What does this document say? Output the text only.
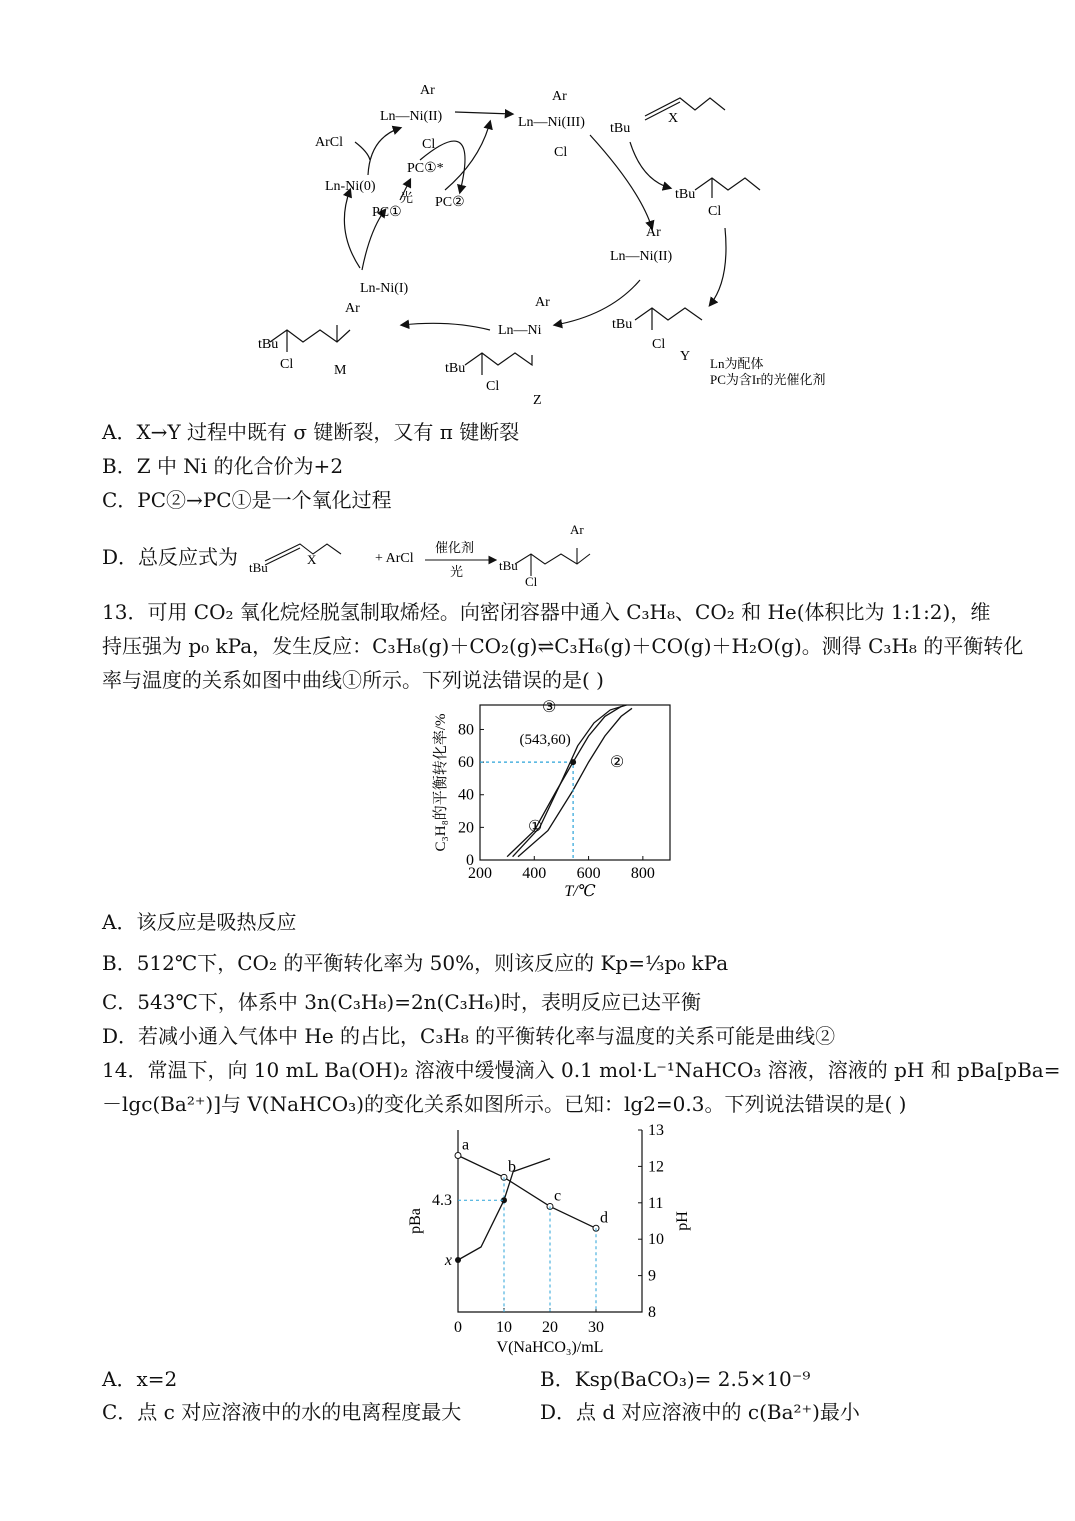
Ar
Ln—Ni(II)
Cl
Ar
Ln—Ni(III)
Cl
ArCl
PC①*
光
Ln-Ni(0)
PC①
PC②
tBu
X
tBu
Cl
Ar
Ln—Ni(II)
Ln-Ni(I)
Ar
Ln—Ni
Ar
tBu
Cl	M
tBu
Cl
Y
tBu
Cl
Z
Ln为配体
PC为含Ir的光催化剂
A．X→Y 过程中既有 σ 键断裂，又有 π 键断裂
B．Z 中 Ni 的化合价为+2
C．PC②→PC①是一个氧化过程
D．总反应式为 tBu
X	+ ArCl
催化剂
光	tBu
Cl
Ar
13．可用 CO₂ 氧化烷烃脱氢制取烯烃。向密闭容器中通入 C₃H₈、CO₂ 和 He(体积比为 1:1:2)，维
持压强为 p₀ kPa，发生反应：C₃H₈(g)＋CO₂(g)⇌C₃H₆(g)＋CO(g)＋H₂O(g)。测得 C₃H₈ 的平衡转化
率与温度的关系如图中曲线①所示。下列说法错误的是( )
200 400 600 800
0
20
40
60
80
T/℃
C₃H₈的平衡转化率/%	(543,60)
①
②
③
A．该反应是吸热反应
B．512℃下，CO₂ 的平衡转化率为 50%，则该反应的 Kp=⅓p₀ kPa
C．543℃下，体系中 3n(C₃H₈)=2n(C₃H₆)时，表明反应已达平衡
D．若减小通入气体中 He 的占比，C₃H₈ 的平衡转化率与温度的关系可能是曲线②
14．常温下，向 10 mL Ba(OH)₂ 溶液中缓慢滴入 0.1 mol·L⁻¹NaHCO₃ 溶液，溶液的 pH 和 pBa[pBa=
－lgc(Ba²⁺)]与 V(NaHCO₃)的变化关系如图所示。已知：lg2=0.3。下列说法错误的是( )
0 10 20 30
8
9
10
11
12
13
V(NaHCO₃)/mL
pBa	pH
a
b
c
d
4.3
x
A．x=2	B．Ksp(BaCO₃)= 2.5×10⁻⁹
C．点 c 对应溶液中的水的电离程度最大	D．点 d 对应溶液中的 c(Ba²⁺)最小
